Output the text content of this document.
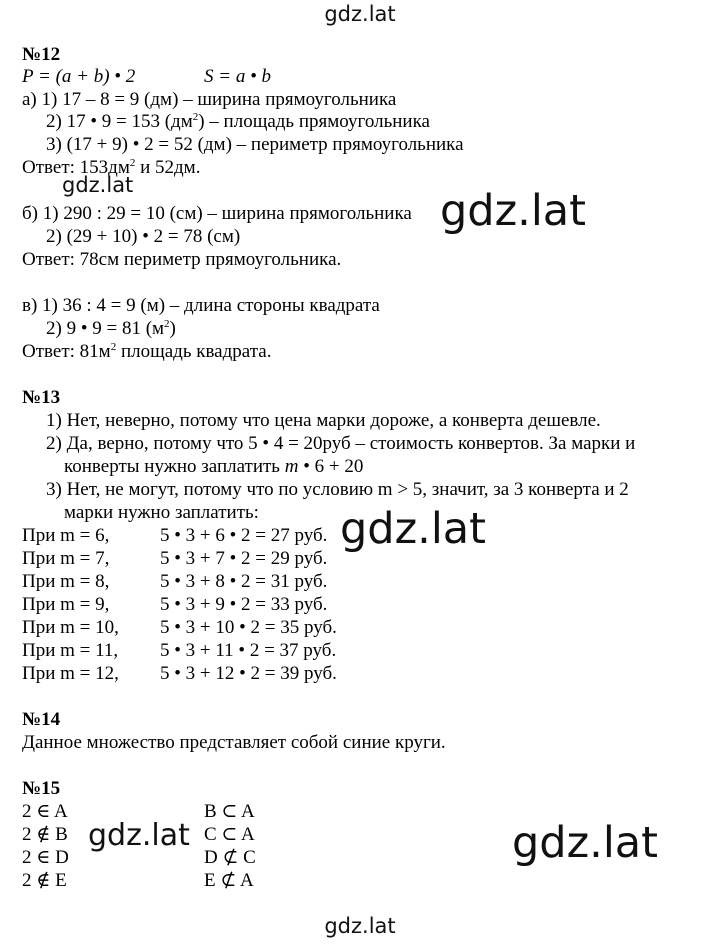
gdz.lat
gdz.lat
gdz.lat
gdz.lat
gdz.lat	gdz.lat
gdz.lat
№12
P = (a + b) • 2	S = a • b
а) 1) 17 – 8 = 9 (дм) – ширина прямоугольника
2) 17 • 9 = 153 $(дм^2)$ – площадь прямоугольника
3) (17 + 9) • 2 = 52 (дм) – периметр прямоугольника
Ответ: $153дм^2$ и 52дм.
б) 1) 290 : 29 = 10 (см) – ширина прямогольника
2) (29 + 10) • 2 = 78 (см)
Ответ: 78см периметр прямоугольника.
в) 1) 36 : 4 = 9 (м) – длина стороны квадрата
2) 9 • 9 = 81 $(м^2)$
Ответ: $81м^2$ площадь квадрата.
№13
1) Нет, неверно, потому что цена марки дороже, а конверта дешевле.
2) Да, верно, потому что 5 • 4 = 20руб – стоимость конвертов. За марки и
конверты нужно заплатить m • 6 + 20
3) Нет, не могут, потому что по условию m > 5, значит, за 3 конверта и 2
марки нужно заплатить:
При m = 6,	5 • 3 + 6 • 2 = 27 руб.
При m = 7,	5 • 3 + 7 • 2 = 29 руб.
При m = 8,	5 • 3 + 8 • 2 = 31 руб.
При m = 9,	5 • 3 + 9 • 2 = 33 руб.
При m = 10, 5 • 3 + 10 • 2 = 35 руб.
При m = 11, 5 • 3 + 11 • 2 = 37 руб.
При m = 12, 5 • 3 + 12 • 2 = 39 руб.
№14
Данное множество представляет собой синие круги.
№15
2 ∈ A	B ⊂ A
2 ∉ B	C ⊂ A
2 ∈ D	D ⊄ C
2 ∉ E	E ⊄ A
